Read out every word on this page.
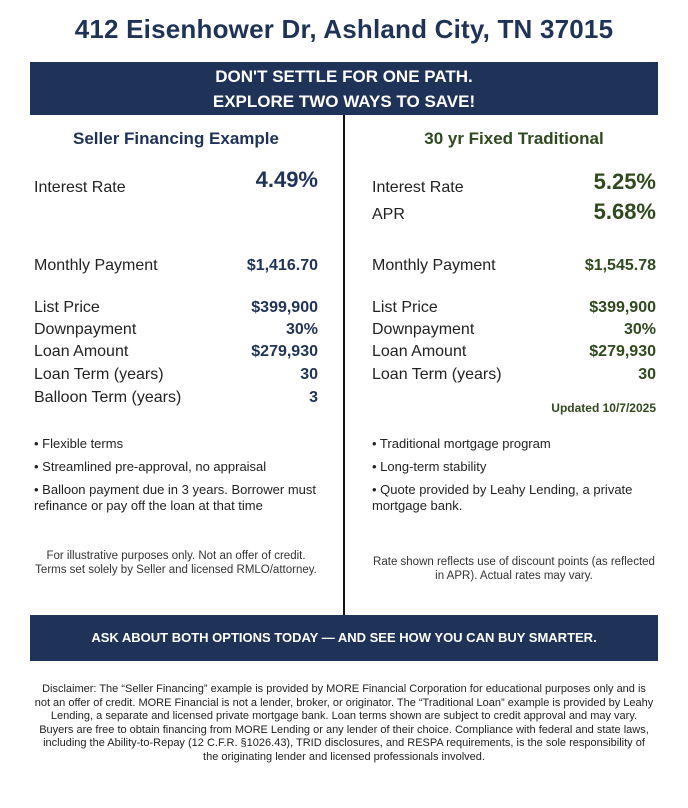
412 Eisenhower Dr, Ashland City, TN 37015
DON'T SETTLE FOR ONE PATH.
EXPLORE TWO WAYS TO SAVE!
Seller Financing Example
Interest Rate	4.49%
Monthly Payment	$1,416.70
List Price	$399,900
Downpayment	30%
Loan Amount	$279,930
Loan Term (years)	30
Balloon Term (years)	3
• Flexible terms
• Streamlined pre-approval, no appraisal
• Balloon payment due in 3 years. Borrower must refinance or pay off the loan at that time
For illustrative purposes only. Not an offer of credit. Terms set solely by Seller and licensed RMLO/attorney.
30 yr Fixed Traditional
Interest Rate	5.25%
APR	5.68%
Monthly Payment	$1,545.78
List Price	$399,900
Downpayment	30%
Loan Amount	$279,930
Loan Term (years)	30
Updated 10/7/2025
• Traditional mortgage program
• Long-term stability
• Quote provided by Leahy Lending, a private mortgage bank.
Rate shown reflects use of discount points (as reflected in APR). Actual rates may vary.
ASK ABOUT BOTH OPTIONS TODAY — AND SEE HOW YOU CAN BUY SMARTER.
Disclaimer: The “Seller Financing” example is provided by MORE Financial Corporation for educational purposes only and is not an offer of credit. MORE Financial is not a lender, broker, or originator. The “Traditional Loan” example is provided by Leahy Lending, a separate and licensed private mortgage bank. Loan terms shown are subject to credit approval and may vary. Buyers are free to obtain financing from MORE Lending or any lender of their choice. Compliance with federal and state laws, including the Ability-to-Repay (12 C.F.R. §1026.43), TRID disclosures, and RESPA requirements, is the sole responsibility of the originating lender and licensed professionals involved.
